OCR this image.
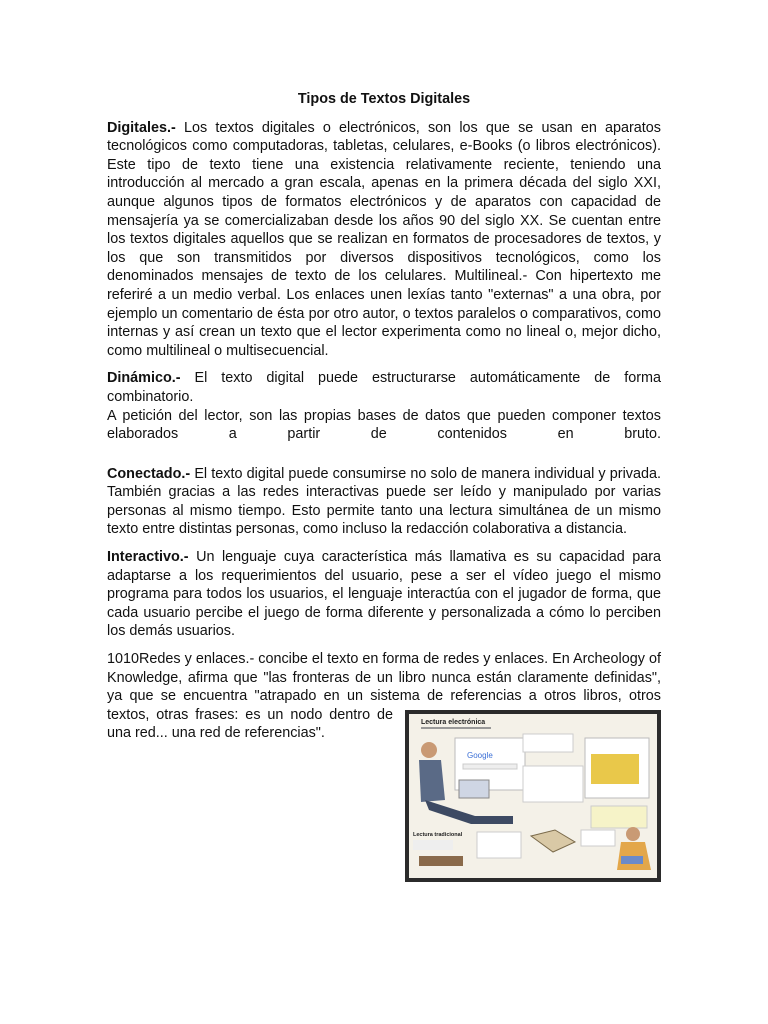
Tipos de Textos Digitales

Digitales.- Los textos digitales o electrónicos, son los que se usan en aparatos tecnológicos como computadoras, tabletas, celulares, e-Books (o libros electrónicos). Este tipo de texto tiene una existencia relativamente reciente, teniendo una introducción al mercado a gran escala, apenas en la primera década del siglo XXI, aunque algunos tipos de formatos electrónicos y de aparatos con capacidad de mensajería ya se comercializaban desde los años 90 del siglo XX. Se cuentan entre los textos digitales aquellos que se realizan en formatos de procesadores de textos, y los que son transmitidos por diversos dispositivos tecnológicos, como los denominados mensajes de texto de los celulares. Multilineal.- Con hipertexto me referiré a un medio verbal. Los enlaces unen lexías tanto "externas" a una obra, por ejemplo un comentario de ésta por otro autor, o textos paralelos o comparativos, como internas y así crean un texto que el lector experimenta como no lineal o, mejor dicho, como multilineal o multisecuencial.

Dinámico.- El texto digital puede estructurarse automáticamente de forma combinatorio.

A petición del lector, son las propias bases de datos que pueden componer textos elaborados a partir de contenidos en bruto.

Conectado.- El texto digital puede consumirse no solo de manera individual y privada. También gracias a las redes interactivas puede ser leído y manipulado por varias personas al mismo tiempo. Esto permite tanto una lectura simultánea de un mismo texto entre distintas personas, como incluso la redacción colaborativa a distancia.

Interactivo.- Un lenguaje cuya característica más llamativa es su capacidad para adaptarse a los requerimientos del usuario, pese a ser el vídeo juego el mismo programa para todos los usuarios, el lenguaje interactúa con el jugador de forma, que cada usuario percibe el juego de forma diferente y personalizada a cómo lo perciben los demás usuarios.

1010Redes y enlaces.- concibe el texto en forma de redes y enlaces. En Archeology of Knowledge, afirma que "las fronteras de un libro nunca están claramente definidas", ya que se encuentra "atrapado en un sistema de referencias a otros
Lectura electrónica
Google
Lectura tradicional
libros, otros textos, otras frases: es un nodo dentro de una red... una red de referencias".
